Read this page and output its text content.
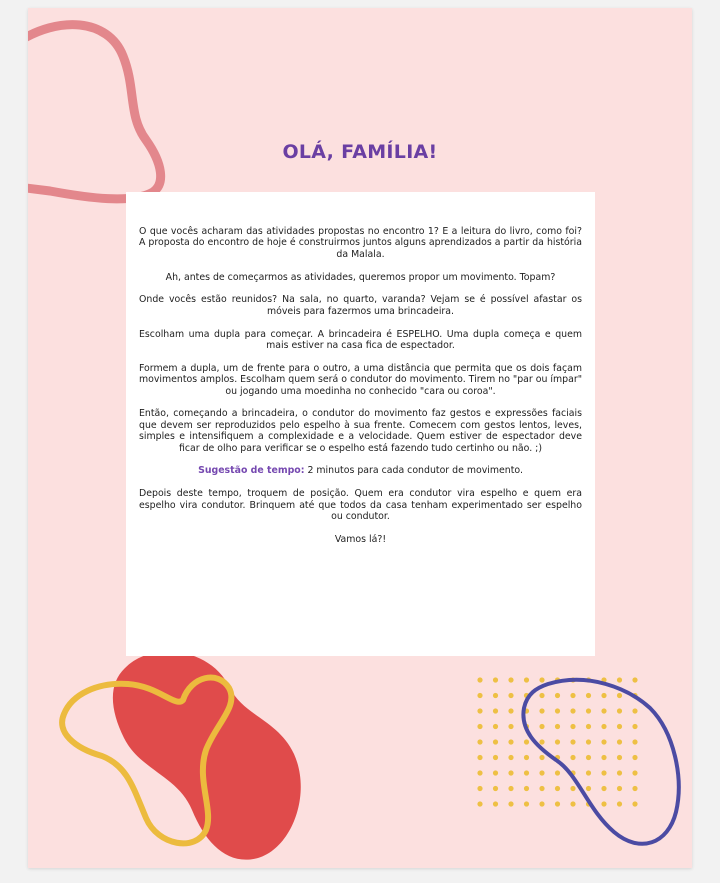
OLÁ, FAMÍLIA!

O que vocês acharam das atividades propostas no encontro 1? E a leitura do livro, como foi? A proposta do encontro de hoje é construirmos juntos alguns aprendizados a partir da história da Malala.

Ah, antes de começarmos as atividades, queremos propor um movimento. Topam?

Onde vocês estão reunidos? Na sala, no quarto, varanda? Vejam se é possível afastar os móveis para fazermos uma brincadeira.

Escolham uma dupla para começar. A brincadeira é ESPELHO. Uma dupla começa e quem mais estiver na casa fica de espectador.

Formem a dupla, um de frente para o outro, a uma distância que permita que os dois façam movimentos amplos. Escolham quem será o condutor do movimento. Tirem no "par ou ímpar" ou jogando uma moedinha no conhecido "cara ou coroa".

Então, começando a brincadeira, o condutor do movimento faz gestos e expressões faciais que devem ser reproduzidos pelo espelho à sua frente. Comecem com gestos lentos, leves, simples e intensifiquem a complexidade e a velocidade. Quem estiver de espectador deve ficar de olho para verificar se o espelho está fazendo tudo certinho ou não. ;)

Sugestão de tempo: 2 minutos para cada condutor de movimento.

Depois deste tempo, troquem de posição. Quem era condutor vira espelho e quem era espelho vira condutor. Brinquem até que todos da casa tenham experimentado ser espelho ou condutor.

Vamos lá?!
